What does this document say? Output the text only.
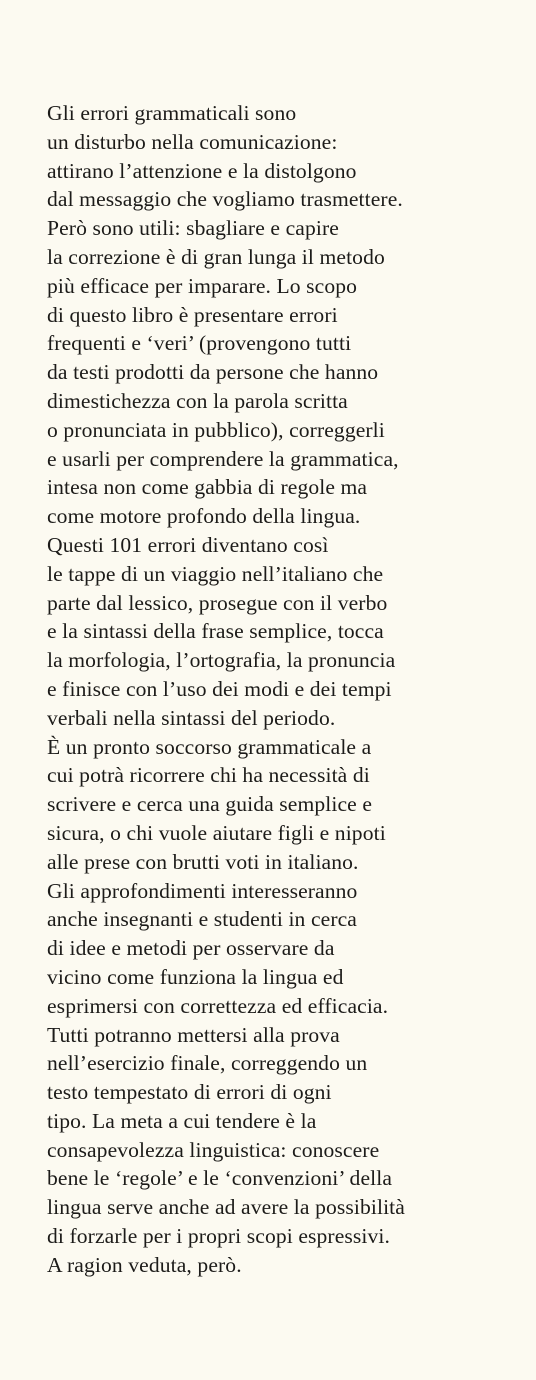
Gli errori grammaticali sono
un disturbo nella comunicazione:
attirano l’attenzione e la distolgono
dal messaggio che vogliamo trasmettere.
Però sono utili: sbagliare e capire
la correzione è di gran lunga il metodo
più efficace per imparare. Lo scopo
di questo libro è presentare errori
frequenti e ‘veri’ (provengono tutti
da testi prodotti da persone che hanno
dimestichezza con la parola scritta
o pronunciata in pubblico), correggerli
e usarli per comprendere la grammatica,
intesa non come gabbia di regole ma
come motore profondo della lingua.
Questi 101 errori diventano così
le tappe di un viaggio nell’italiano che
parte dal lessico, prosegue con il verbo
e la sintassi della frase semplice, tocca
la morfologia, l’ortografia, la pronuncia
e finisce con l’uso dei modi e dei tempi
verbali nella sintassi del periodo.
È un pronto soccorso grammaticale a
cui potrà ricorrere chi ha necessità di
scrivere e cerca una guida semplice e
sicura, o chi vuole aiutare figli e nipoti
alle prese con brutti voti in italiano.
Gli approfondimenti interesseranno
anche insegnanti e studenti in cerca
di idee e metodi per osservare da
vicino come funziona la lingua ed
esprimersi con correttezza ed efficacia.
Tutti potranno mettersi alla prova
nell’esercizio finale, correggendo un
testo tempestato di errori di ogni
tipo. La meta a cui tendere è la
consapevolezza linguistica: conoscere
bene le ‘regole’ e le ‘convenzioni’ della
lingua serve anche ad avere la possibilità
di forzarle per i propri scopi espressivi.
A ragion veduta, però.
